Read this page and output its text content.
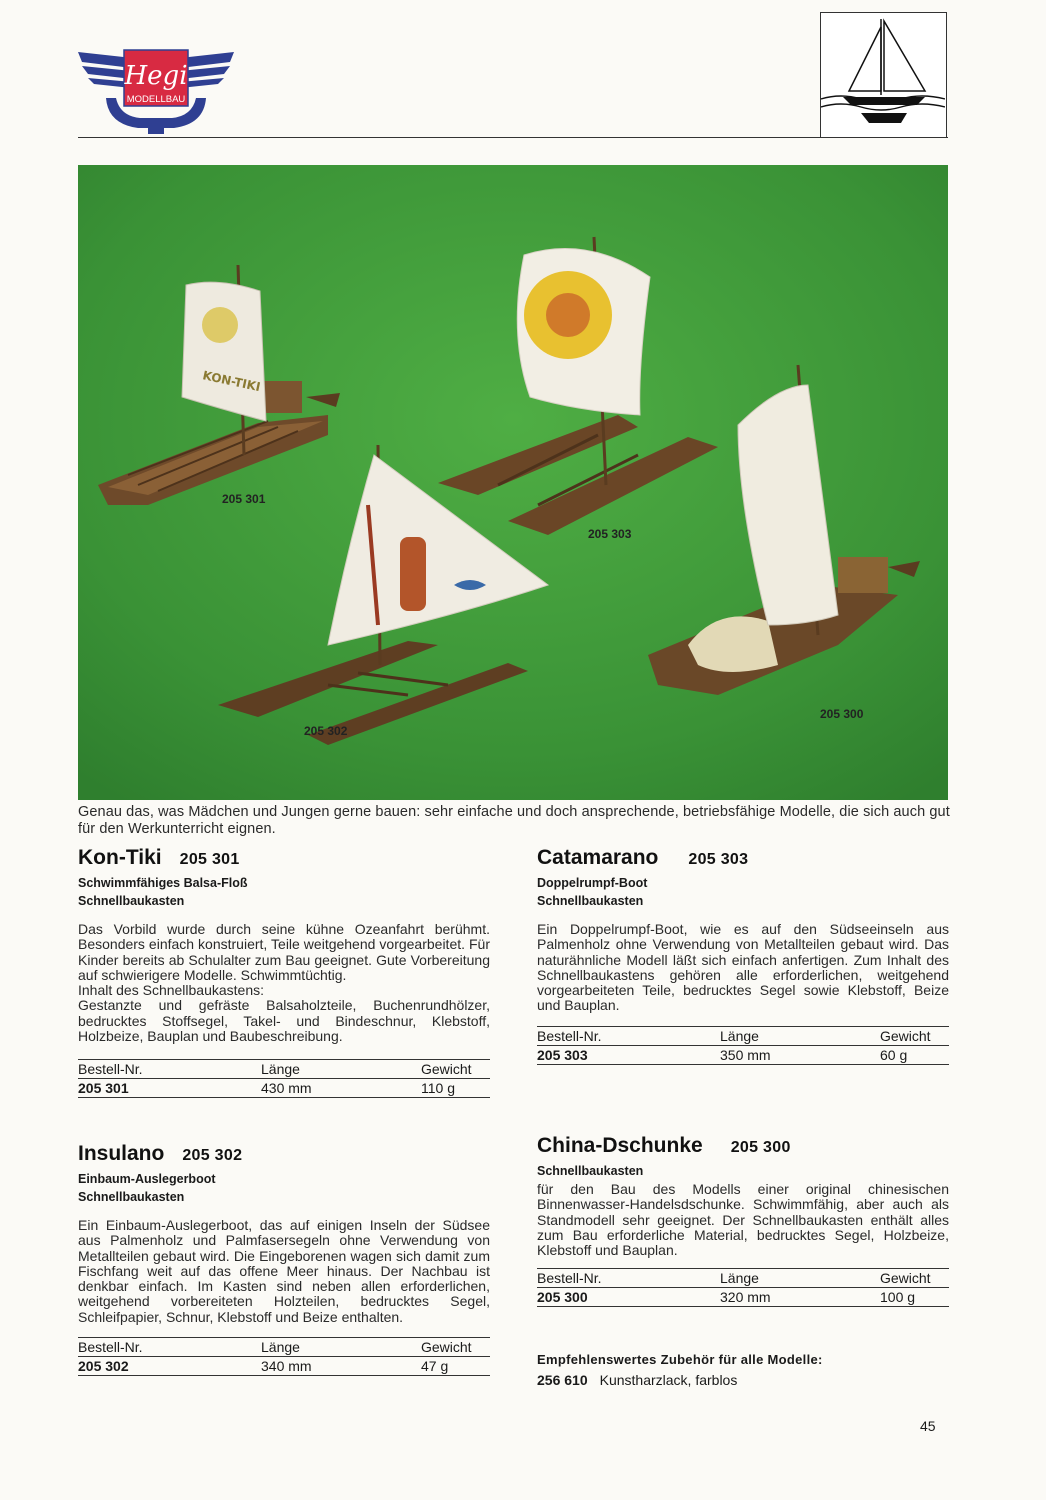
Hegi
MODELLBAU
KON-TIKI
205 301
205 303
205 302
205 300
Genau das, was Mädchen und Jungen gerne bauen: sehr einfache und doch ansprechende, betriebsfähige Modelle, die sich auch gut für den Werkunterricht eignen.
Kon-Tiki 205 301
Schwimmfähiges Balsa-Floß
Schnellbaukasten
Das Vorbild wurde durch seine kühne Ozeanfahrt berühmt. Besonders einfach konstruiert, Teile weitgehend vorgearbeitet. Für Kinder bereits ab Schulalter zum Bau geeignet. Gute Vorbereitung auf schwierigere Modelle. Schwimmtüchtig.
Inhalt des Schnellbaukastens:
Gestanzte und gefräste Balsaholzteile, Buchenrundhölzer, bedrucktes Stoffsegel, Takel- und Bindeschnur, Klebstoff, Holzbeize, Bauplan und Baubeschreibung.
Bestell-Nr.	Länge	Gewicht
205 301	430 mm	110 g
Catamarano 205 303
Doppelrumpf-Boot
Schnellbaukasten
Ein Doppelrumpf-Boot, wie es auf den Südseeinseln aus Palmenholz ohne Verwendung von Metallteilen gebaut wird. Das naturähnliche Modell läßt sich einfach anfertigen. Zum Inhalt des Schnellbaukastens gehören alle erforderlichen, weitgehend vorgearbeiteten Teile, bedrucktes Segel sowie Klebstoff, Beize und Bauplan.
Bestell-Nr.	Länge	Gewicht
205 303	350 mm	60 g
Insulano 205 302
Einbaum-Auslegerboot
Schnellbaukasten
Ein Einbaum-Auslegerboot, das auf einigen Inseln der Südsee aus Palmenholz und Palmfasersegeln ohne Verwendung von Metallteilen gebaut wird. Die Eingeborenen wagen sich damit zum Fischfang weit auf das offene Meer hinaus. Der Nachbau ist denkbar einfach. Im Kasten sind neben allen erforderlichen, weitgehend vorbereiteten Holzteilen, bedrucktes Segel, Schleifpapier, Schnur, Klebstoff und Beize enthalten.
Bestell-Nr.	Länge	Gewicht
205 302	340 mm	47 g
China-Dschunke 205 300
Schnellbaukasten
für den Bau des Modells einer original chinesischen Binnenwasser-Handelsdschunke. Schwimmfähig, aber auch als Standmodell sehr geeignet. Der Schnellbaukasten enthält alles zum Bau erforderliche Material, bedrucktes Segel, Holzbeize, Klebstoff und Bauplan.
Bestell-Nr.	Länge	Gewicht
205 300	320 mm	100 g
Empfehlenswertes Zubehör für alle Modelle:
256 610 Kunstharzlack, farblos
45
